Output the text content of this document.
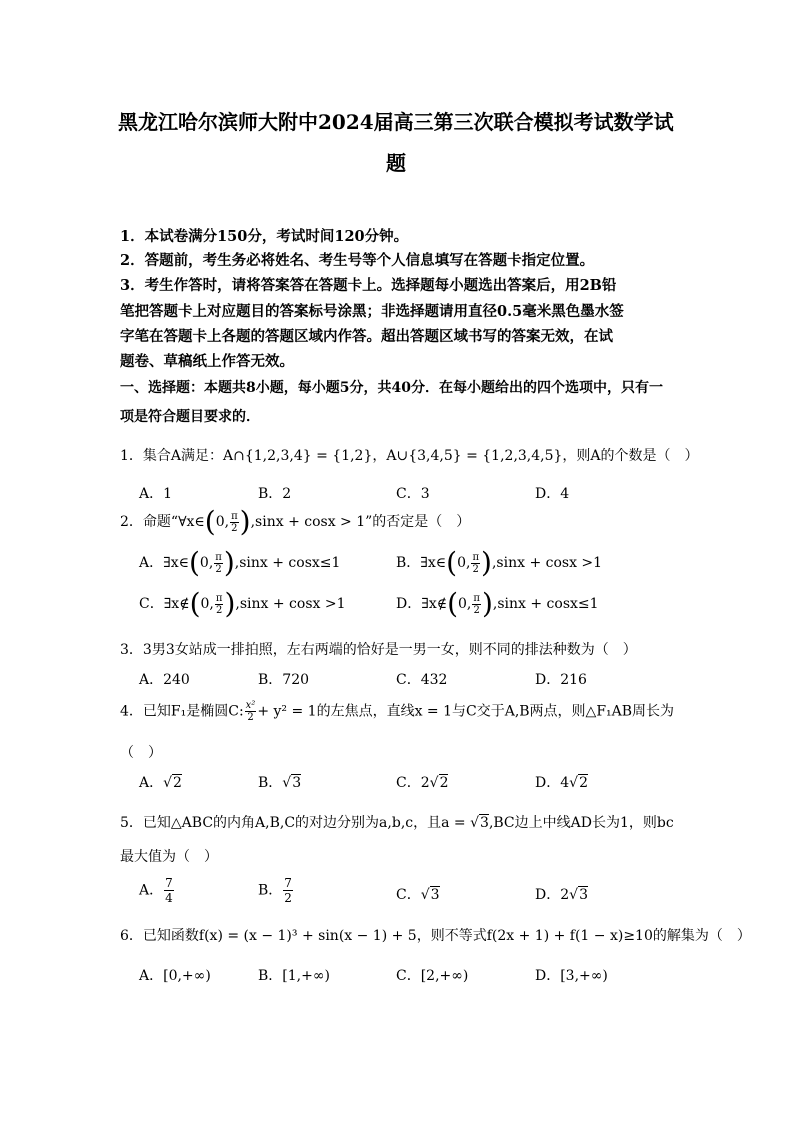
黑龙江哈尔滨师大附中2024届高三第三次联合模拟考试数学试
题
1．本试卷满分150分，考试时间120分钟。
2．答题前，考生务必将姓名、考生号等个人信息填写在答题卡指定位置。
3．考生作答时，请将答案答在答题卡上。选择题每小题选出答案后，用2B铅
笔把答题卡上对应题目的答案标号涂黑；非选择题请用直径0.5毫米黑色墨水签
字笔在答题卡上各题的答题区域内作答。超出答题区域书写的答案无效，在试
题卷、草稿纸上作答无效。
一、选择题：本题共8小题，每小题5分，共40分．在每小题给出的四个选项中，只有一
项是符合题目要求的．
1．集合A满足：A∩{1,2,3,4} = {1,2}，A∪{3,4,5} = {1,2,3,4,5}，则A的个数是（　）
A．1	B．2	C．3	D．4
2．命题“∀x∈(0, $\frac{\pi}{2} ),\sin x + \cos x > 1$”的否定是（　）
A．∃x∈(0, $\frac{\pi}{2} ),\sin x + \cos x\le 1$	B．∃x∈(0, $\frac{\pi}{2} ),\sin x + \cos x >1$
C．∃x∉(0, $\frac{\pi}{2} ),\sin x + \cos x >1$	D．∃x∉(0, $\frac{\pi}{2} ),\sin x + \cos x\le 1$
3．3男3女站成一排拍照，左右两端的恰好是一男一女，则不同的排法种数为（　）
A．240	B．720	C．432	D．216
4．已知F₁是椭圆C: $\frac{\text{x²}}{2} + y^2 = 1$的左焦点，直线x = 1与C交于A,B两点，则△F₁AB周长为
（　）
A．√2	B．√3	C．2√2	D．4√2
5．已知△ABC的内角A,B,C的对边分别为a,b,c，且a = √3,BC边上中线AD长为1，则bc
最大值为（　）
A． $\frac{7}{4}$	B． $\frac{7}{2}$	C．√3	D．2√3
6．已知函数f(x) = (x − 1)³ + sin(x − 1) + 5，则不等式f(2x + 1) + f(1 − x)≥10的解集为（　）
A．[0,+∞)	B．[1,+∞)	C．[2,+∞)	D．[3,+∞)
